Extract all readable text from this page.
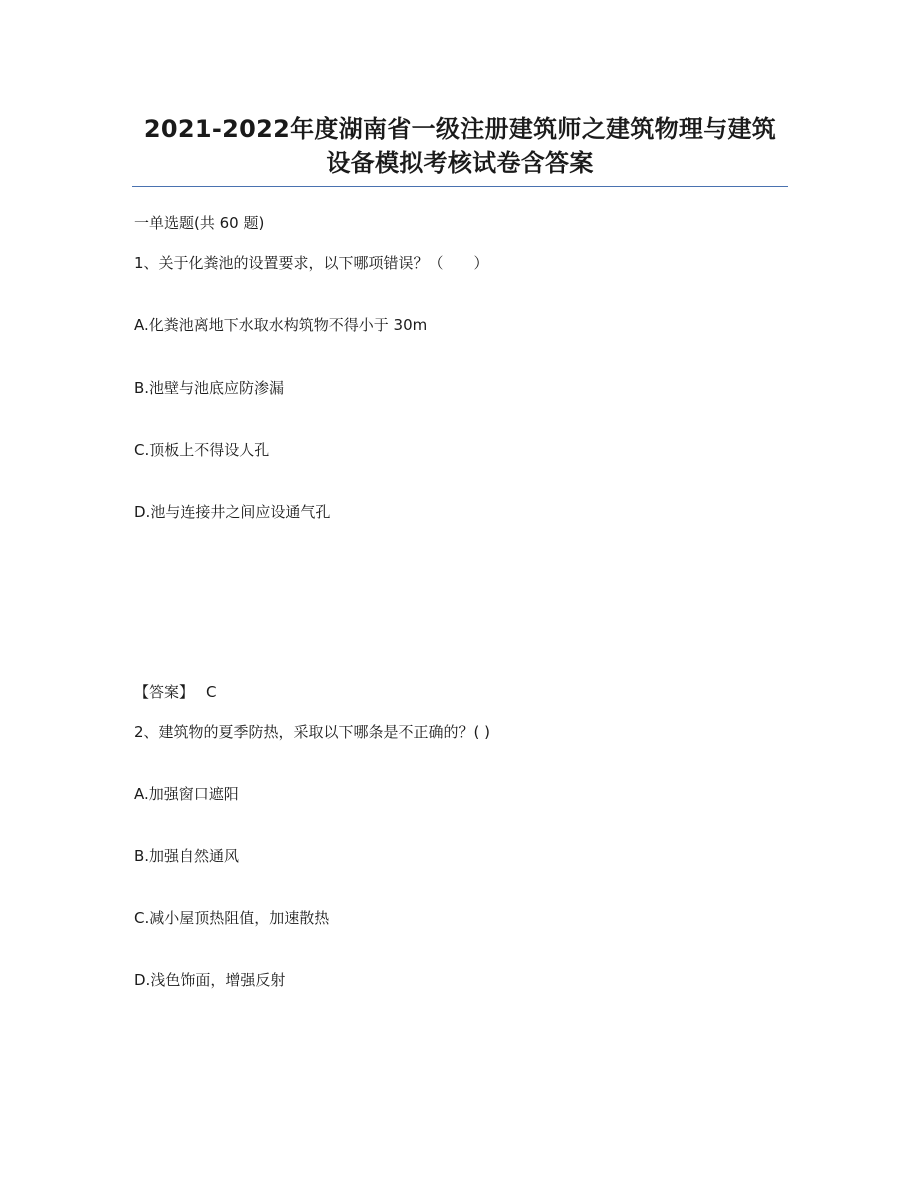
2021-2022年度湖南省一级注册建筑师之建筑物理与建筑设备模拟考核试卷含答案

一单选题(共 60 题)

1、关于化粪池的设置要求，以下哪项错误？（　　）

A.化粪池离地下水取水构筑物不得小于 30m

B.池壁与池底应防渗漏

C.顶板上不得设人孔

D.池与连接井之间应设通气孔

【答案】 C

2、建筑物的夏季防热，采取以下哪条是不正确的？( )

A.加强窗口遮阳

B.加强自然通风

C.减小屋顶热阻值，加速散热

D.浅色饰面，增强反射
